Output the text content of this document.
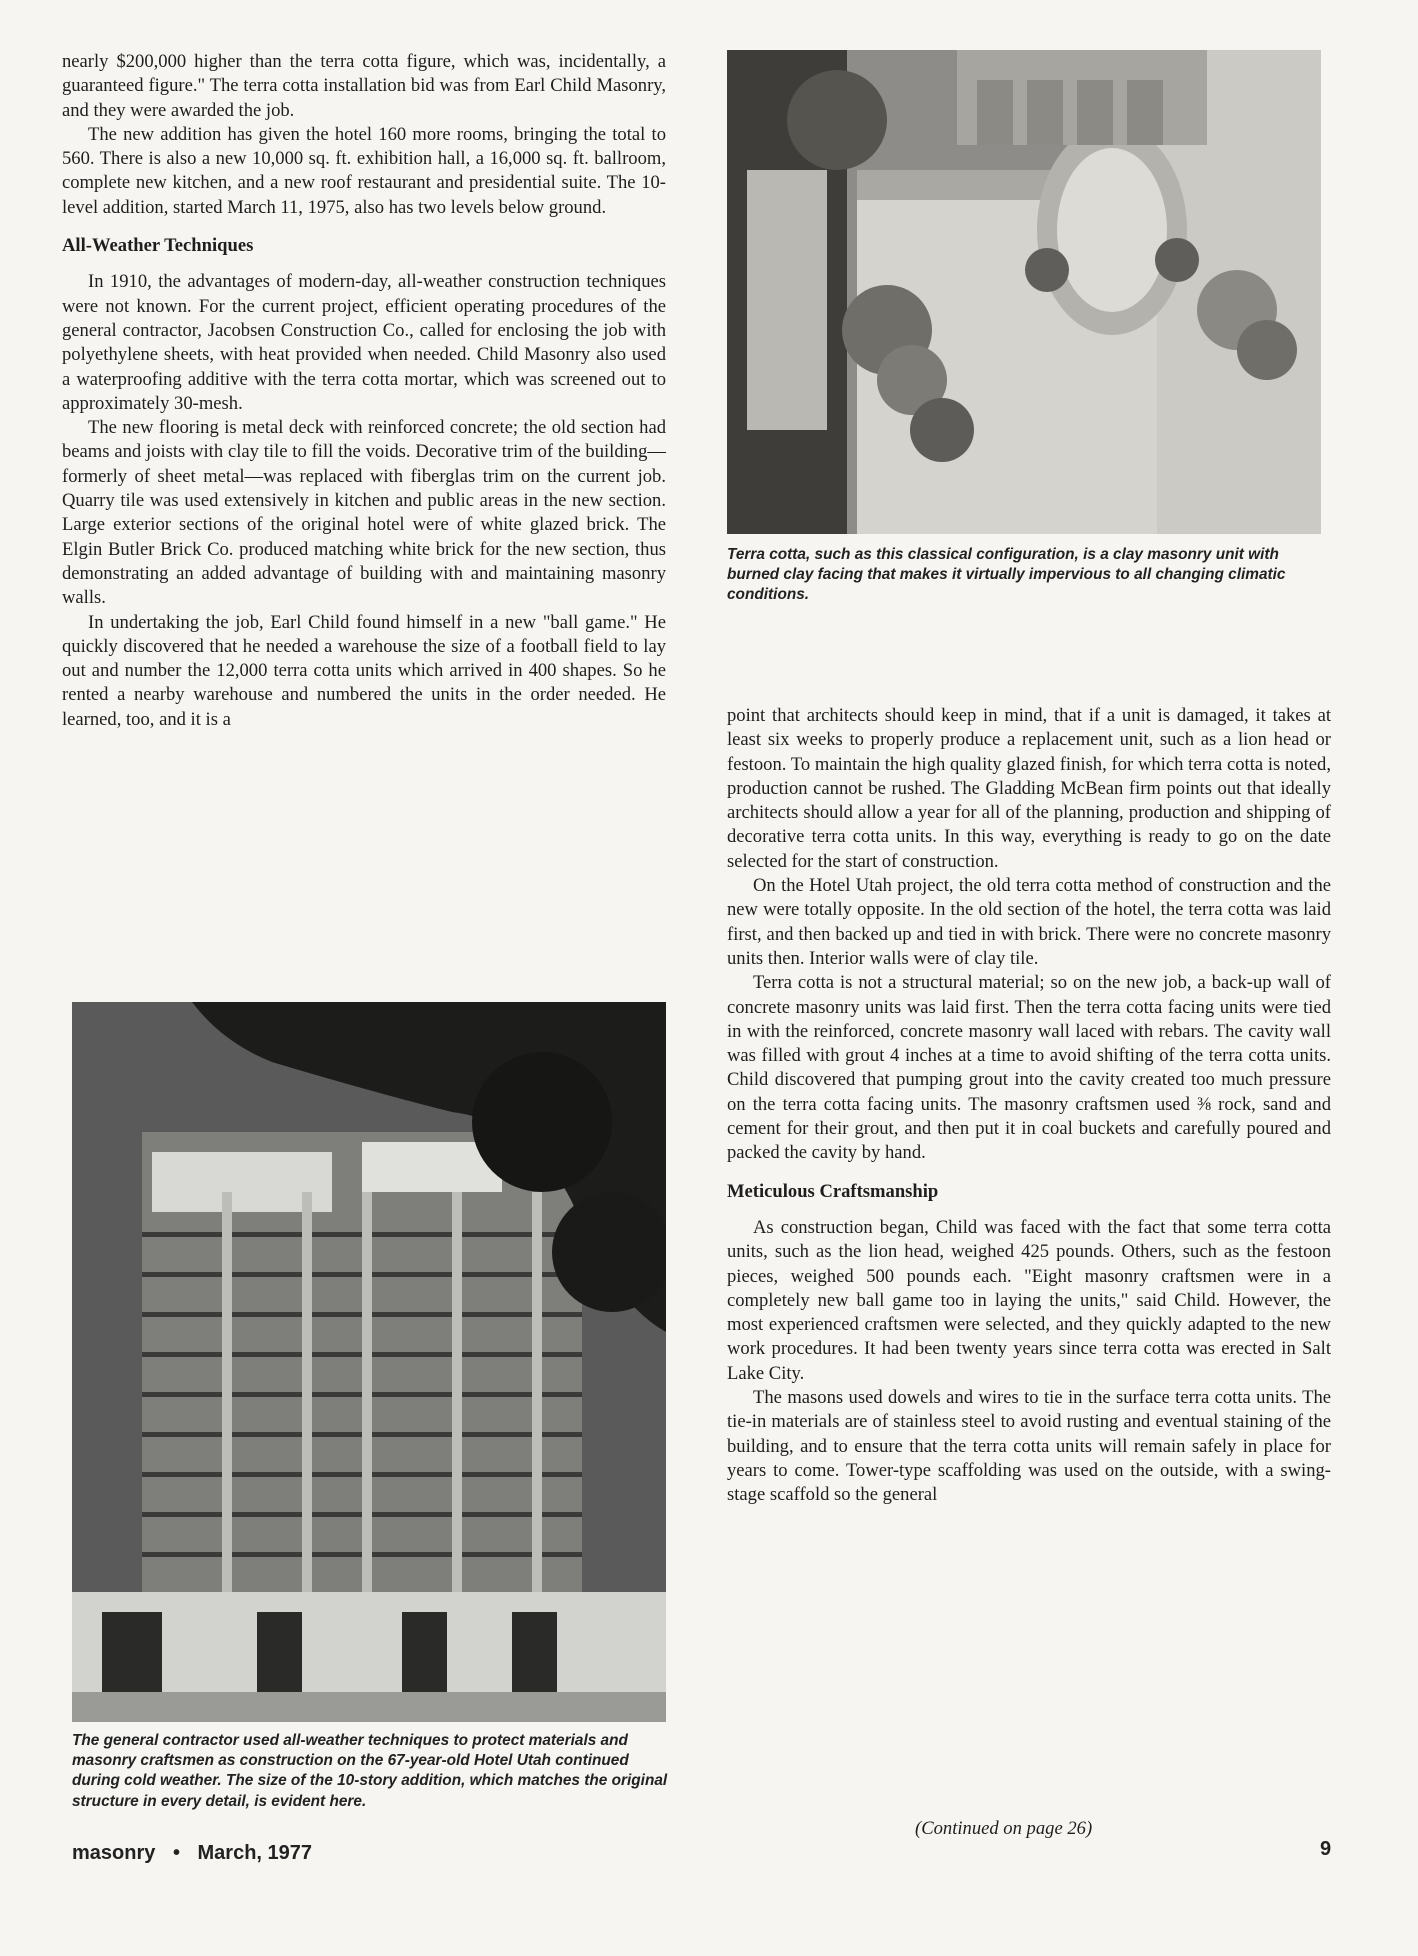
nearly $200,000 higher than the terra cotta figure, which was, incidentally, a guaranteed figure." The terra cotta installation bid was from Earl Child Masonry, and they were awarded the job.

The new addition has given the hotel 160 more rooms, bringing the total to 560. There is also a new 10,000 sq. ft. exhibition hall, a 16,000 sq. ft. ballroom, complete new kitchen, and a new roof restaurant and presidential suite. The 10-level addition, started March 11, 1975, also has two levels below ground.

All-Weather Techniques

In 1910, the advantages of modern-day, all-weather construction techniques were not known. For the current project, efficient operating procedures of the general contractor, Jacobsen Construction Co., called for enclosing the job with polyethylene sheets, with heat provided when needed. Child Masonry also used a waterproofing additive with the terra cotta mortar, which was screened out to approximately 30-mesh.

The new flooring is metal deck with reinforced concrete; the old section had beams and joists with clay tile to fill the voids. Decorative trim of the building—formerly of sheet metal—was replaced with fiberglas trim on the current job. Quarry tile was used extensively in kitchen and public areas in the new section. Large exterior sections of the original hotel were of white glazed brick. The Elgin Butler Brick Co. produced matching white brick for the new section, thus demonstrating an added advantage of building with and maintaining masonry walls.

In undertaking the job, Earl Child found himself in a new "ball game." He quickly discovered that he needed a warehouse the size of a football field to lay out and number the 12,000 terra cotta units which arrived in 400 shapes. So he rented a nearby warehouse and numbered the units in the order needed. He learned, too, and it is a

Terra cotta, such as this classical configuration, is a clay masonry unit with burned clay facing that makes it virtually impervious to all changing climatic conditions.

point that architects should keep in mind, that if a unit is damaged, it takes at least six weeks to properly produce a replacement unit, such as a lion head or festoon. To maintain the high quality glazed finish, for which terra cotta is noted, production cannot be rushed. The Gladding McBean firm points out that ideally architects should allow a year for all of the planning, production and shipping of decorative terra cotta units. In this way, everything is ready to go on the date selected for the start of construction.

On the Hotel Utah project, the old terra cotta method of construction and the new were totally opposite. In the old section of the hotel, the terra cotta was laid first, and then backed up and tied in with brick. There were no concrete masonry units then. Interior walls were of clay tile.

Terra cotta is not a structural material; so on the new job, a back-up wall of concrete masonry units was laid first. Then the terra cotta facing units were tied in with the reinforced, concrete masonry wall laced with rebars. The cavity wall was filled with grout 4 inches at a time to avoid shifting of the terra cotta units. Child discovered that pumping grout into the cavity created too much pressure on the terra cotta facing units. The masonry craftsmen used ⅜ rock, sand and cement for their grout, and then put it in coal buckets and carefully poured and packed the cavity by hand.

Meticulous Craftsmanship

As construction began, Child was faced with the fact that some terra cotta units, such as the lion head, weighed 425 pounds. Others, such as the festoon pieces, weighed 500 pounds each. "Eight masonry craftsmen were in a completely new ball game too in laying the units," said Child. However, the most experienced craftsmen were selected, and they quickly adapted to the new work procedures. It had been twenty years since terra cotta was erected in Salt Lake City.

The masons used dowels and wires to tie in the surface terra cotta units. The tie-in materials are of stainless steel to avoid rusting and eventual staining of the building, and to ensure that the terra cotta units will remain safely in place for years to come. Tower-type scaffolding was used on the outside, with a swing-stage scaffold so the general

(Continued on page 26)
The general contractor used all-weather techniques to protect materials and masonry craftsmen as construction on the 67-year-old Hotel Utah continued during cold weather. The size of the 10-story addition, which matches the original structure in every detail, is evident here.
masonry • March, 1977	9
